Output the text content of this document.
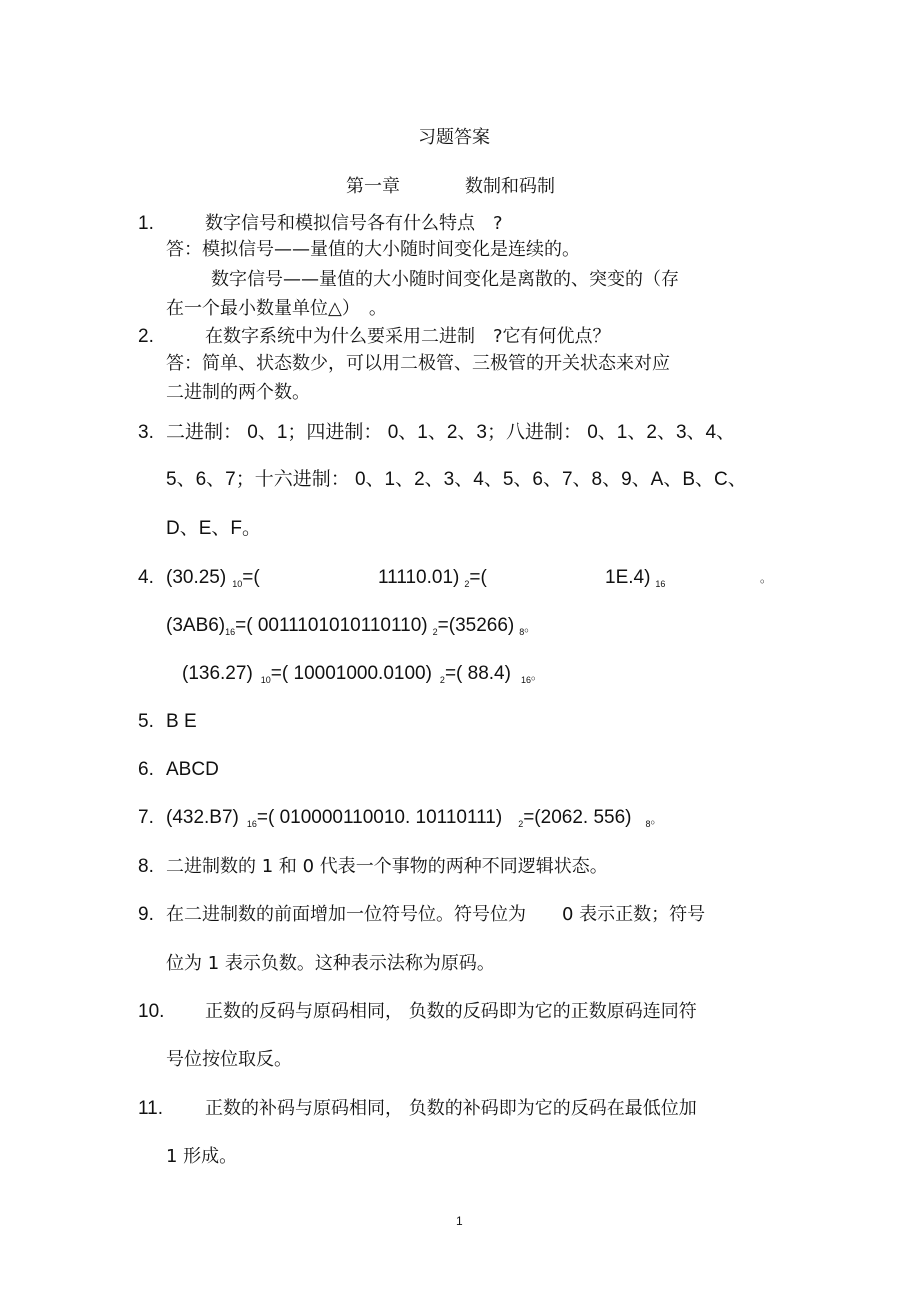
习题答案
第一章	数制和码制
1.	数字信号和模拟信号各有什么特点　?
答：模拟信号——量值的大小随时间变化是连续的。
数字信号——量值的大小随时间变化是离散的、突变的（存
在一个最小数量单位△）　。
2.	在数字系统中为什么要采用二进制　?它有何优点？
答：简单、状态数少，可以用二极管、三极管的开关状态来对应
二进制的两个数。
3. 二进制： 0、1；四进制： 0、1、2、3；八进制： 0、1、2、3、4、
5、6、7；十六进制： 0、1、2、3、4、5、6、7、8、9、A、B、C、
D、E、F。
4. (30.25) $_{10}$=(	11110.01) $_2$=(	1E.4) $_{16}$	。
$(3AB6)_{16}=$( 0011101010110110) $_2$=(35266) $_8$。
(136.27) $_{10}$=( 10001000.0100) $_2$=( 88.4) $_{16}$。
5. B E
6. ABCD
7. (432.B7) $_{16}$=( 010000110010. 10110111) $_2$=(2062. 556) $_8$。
8. 二进制数的 1 和 0 代表一个事物的两种不同逻辑状态。
9. 在二进制数的前面增加一位符号位。符号位为　　0 表示正数；符号
位为 1 表示负数。这种表示法称为原码。
10. 正数的反码与原码相同， 负数的反码即为它的正数原码连同符
号位按位取反。
11. 正数的补码与原码相同， 负数的补码即为它的反码在最低位加
1 形成。
1
